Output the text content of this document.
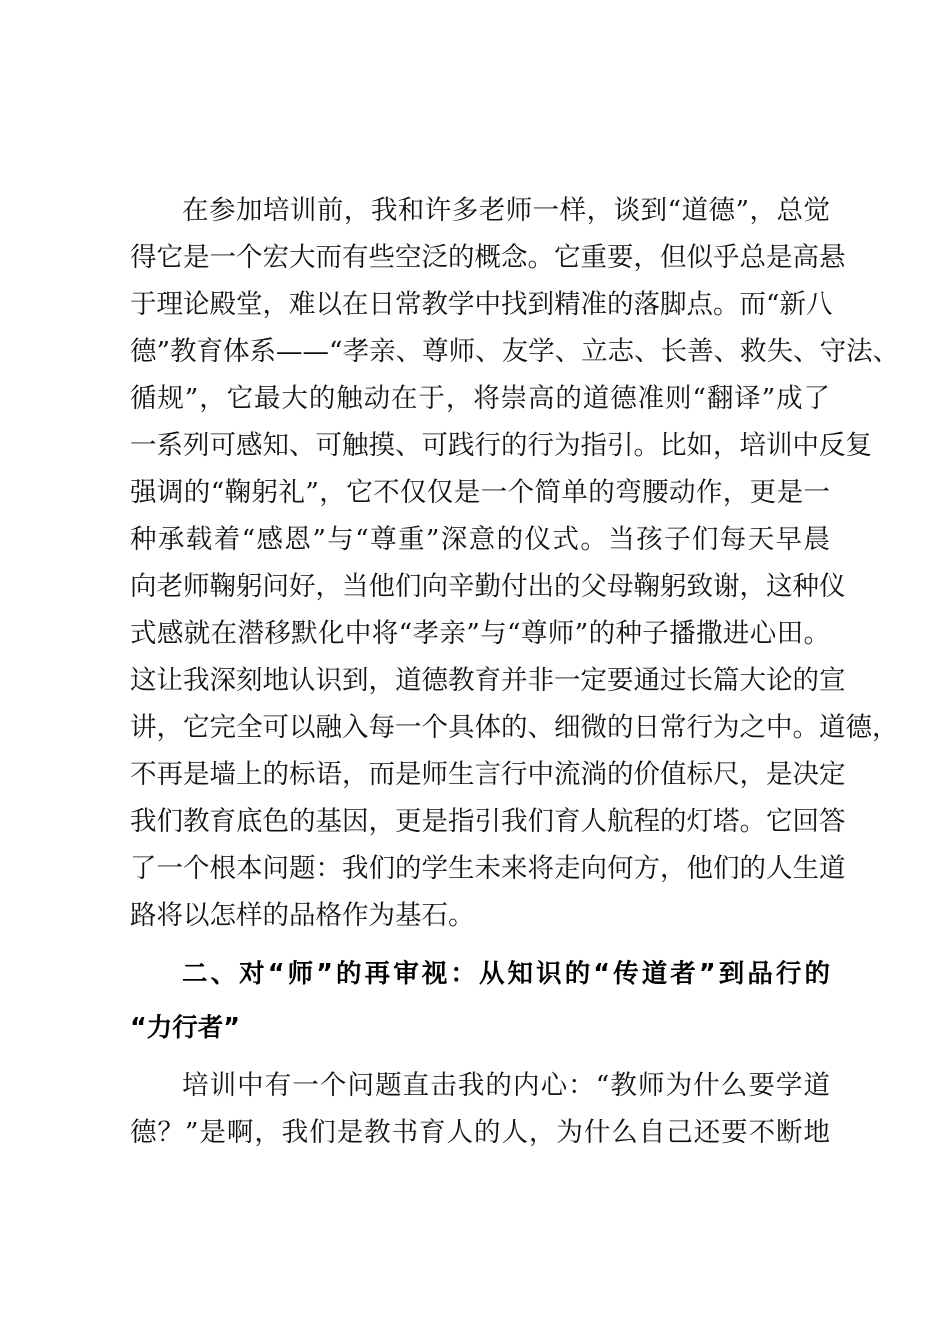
在参加培训前，我和许多老师一样，谈到“道德”，总觉
得它是一个宏大而有些空泛的概念。它重要，但似乎总是高悬
于理论殿堂，难以在日常教学中找到精准的落脚点。而“新八
德”教育体系——“孝亲、尊师、友学、立志、长善、救失、守法、
循规”，它最大的触动在于，将崇高的道德准则“翻译”成了
一系列可感知、可触摸、可践行的行为指引。比如，培训中反复
强调的“鞠躬礼”，它不仅仅是一个简单的弯腰动作，更是一
种承载着“感恩”与“尊重”深意的仪式。当孩子们每天早晨
向老师鞠躬问好，当他们向辛勤付出的父母鞠躬致谢，这种仪
式感就在潜移默化中将“孝亲”与“尊师”的种子播撒进心田。
这让我深刻地认识到，道德教育并非一定要通过长篇大论的宣
讲，它完全可以融入每一个具体的、细微的日常行为之中。道德，
不再是墙上的标语，而是师生言行中流淌的价值标尺，是决定
我们教育底色的基因，更是指引我们育人航程的灯塔。它回答
了一个根本问题：我们的学生未来将走向何方，他们的人生道
路将以怎样的品格作为基石。
二、对“师”的再审视：从知识的“传道者”到品行的
“力行者”
培训中有一个问题直击我的内心：“教师为什么要学道
德？”是啊，我们是教书育人的人，为什么自己还要不断地
